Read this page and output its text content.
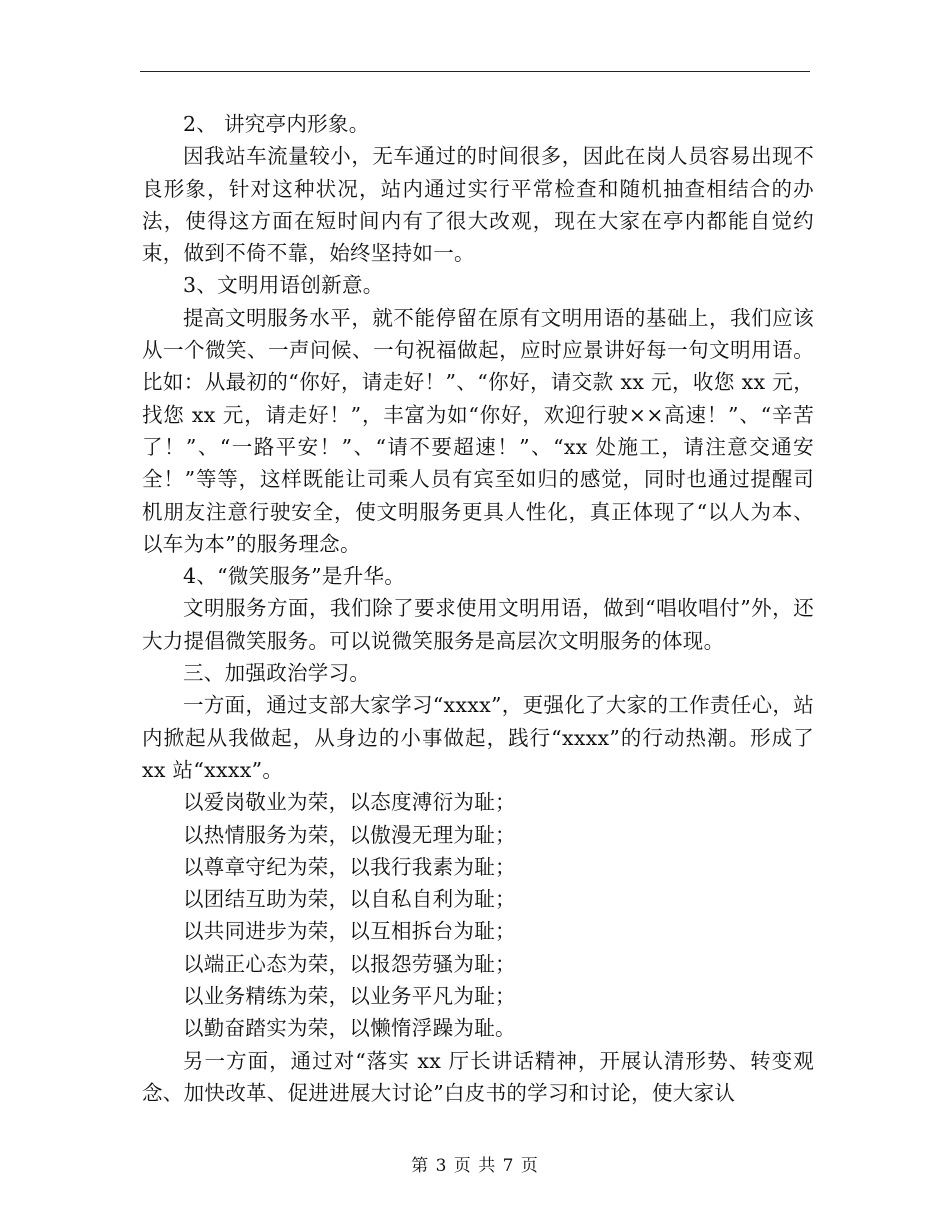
2、 讲究亭内形象。

因我站车流量较小，无车通过的时间很多，因此在岗人员容易出现不良形象，针对这种状况，站内通过实行平常检查和随机抽查相结合的办法，使得这方面在短时间内有了很大改观，现在大家在亭内都能自觉约束，做到不倚不靠，始终坚持如一。

3、文明用语创新意。

提高文明服务水平，就不能停留在原有文明用语的基础上，我们应该从一个微笑、一声问候、一句祝福做起，应时应景讲好每一句文明用语。比如：从最初的“你好，请走好！”、“你好，请交款 xx 元，收您 xx 元，找您 xx 元，请走好！”，丰富为如“你好，欢迎行驶××高速！”、“辛苦了！”、“一路平安！”、“请不要超速！”、“xx 处施工，请注意交通安全！”等等，这样既能让司乘人员有宾至如归的感觉，同时也通过提醒司机朋友注意行驶安全，使文明服务更具人性化，真正体现了“以人为本、以车为本”的服务理念。

4、“微笑服务”是升华。

文明服务方面，我们除了要求使用文明用语，做到“唱收唱付”外，还大力提倡微笑服务。可以说微笑服务是高层次文明服务的体现。

三、加强政治学习。

一方面，通过支部大家学习“xxxx”，更强化了大家的工作责任心，站内掀起从我做起，从身边的小事做起，践行“xxxx”的行动热潮。形成了 xx 站“xxxx”。

以爱岗敬业为荣，以态度溥衍为耻；

以热情服务为荣，以傲漫无理为耻；

以尊章守纪为荣，以我行我素为耻；

以团结互助为荣，以自私自利为耻；

以共同进步为荣，以互相拆台为耻；

以端正心态为荣，以报怨劳骚为耻；

以业务精练为荣，以业务平凡为耻；

以勤奋踏实为荣，以懒惰浮躁为耻。

另一方面，通过对“落实 xx 厅长讲话精神，开展认清形势、转变观念、加快改革、促进进展大讨论”白皮书的学习和讨论，使大家认

第 3 页 共 7 页
